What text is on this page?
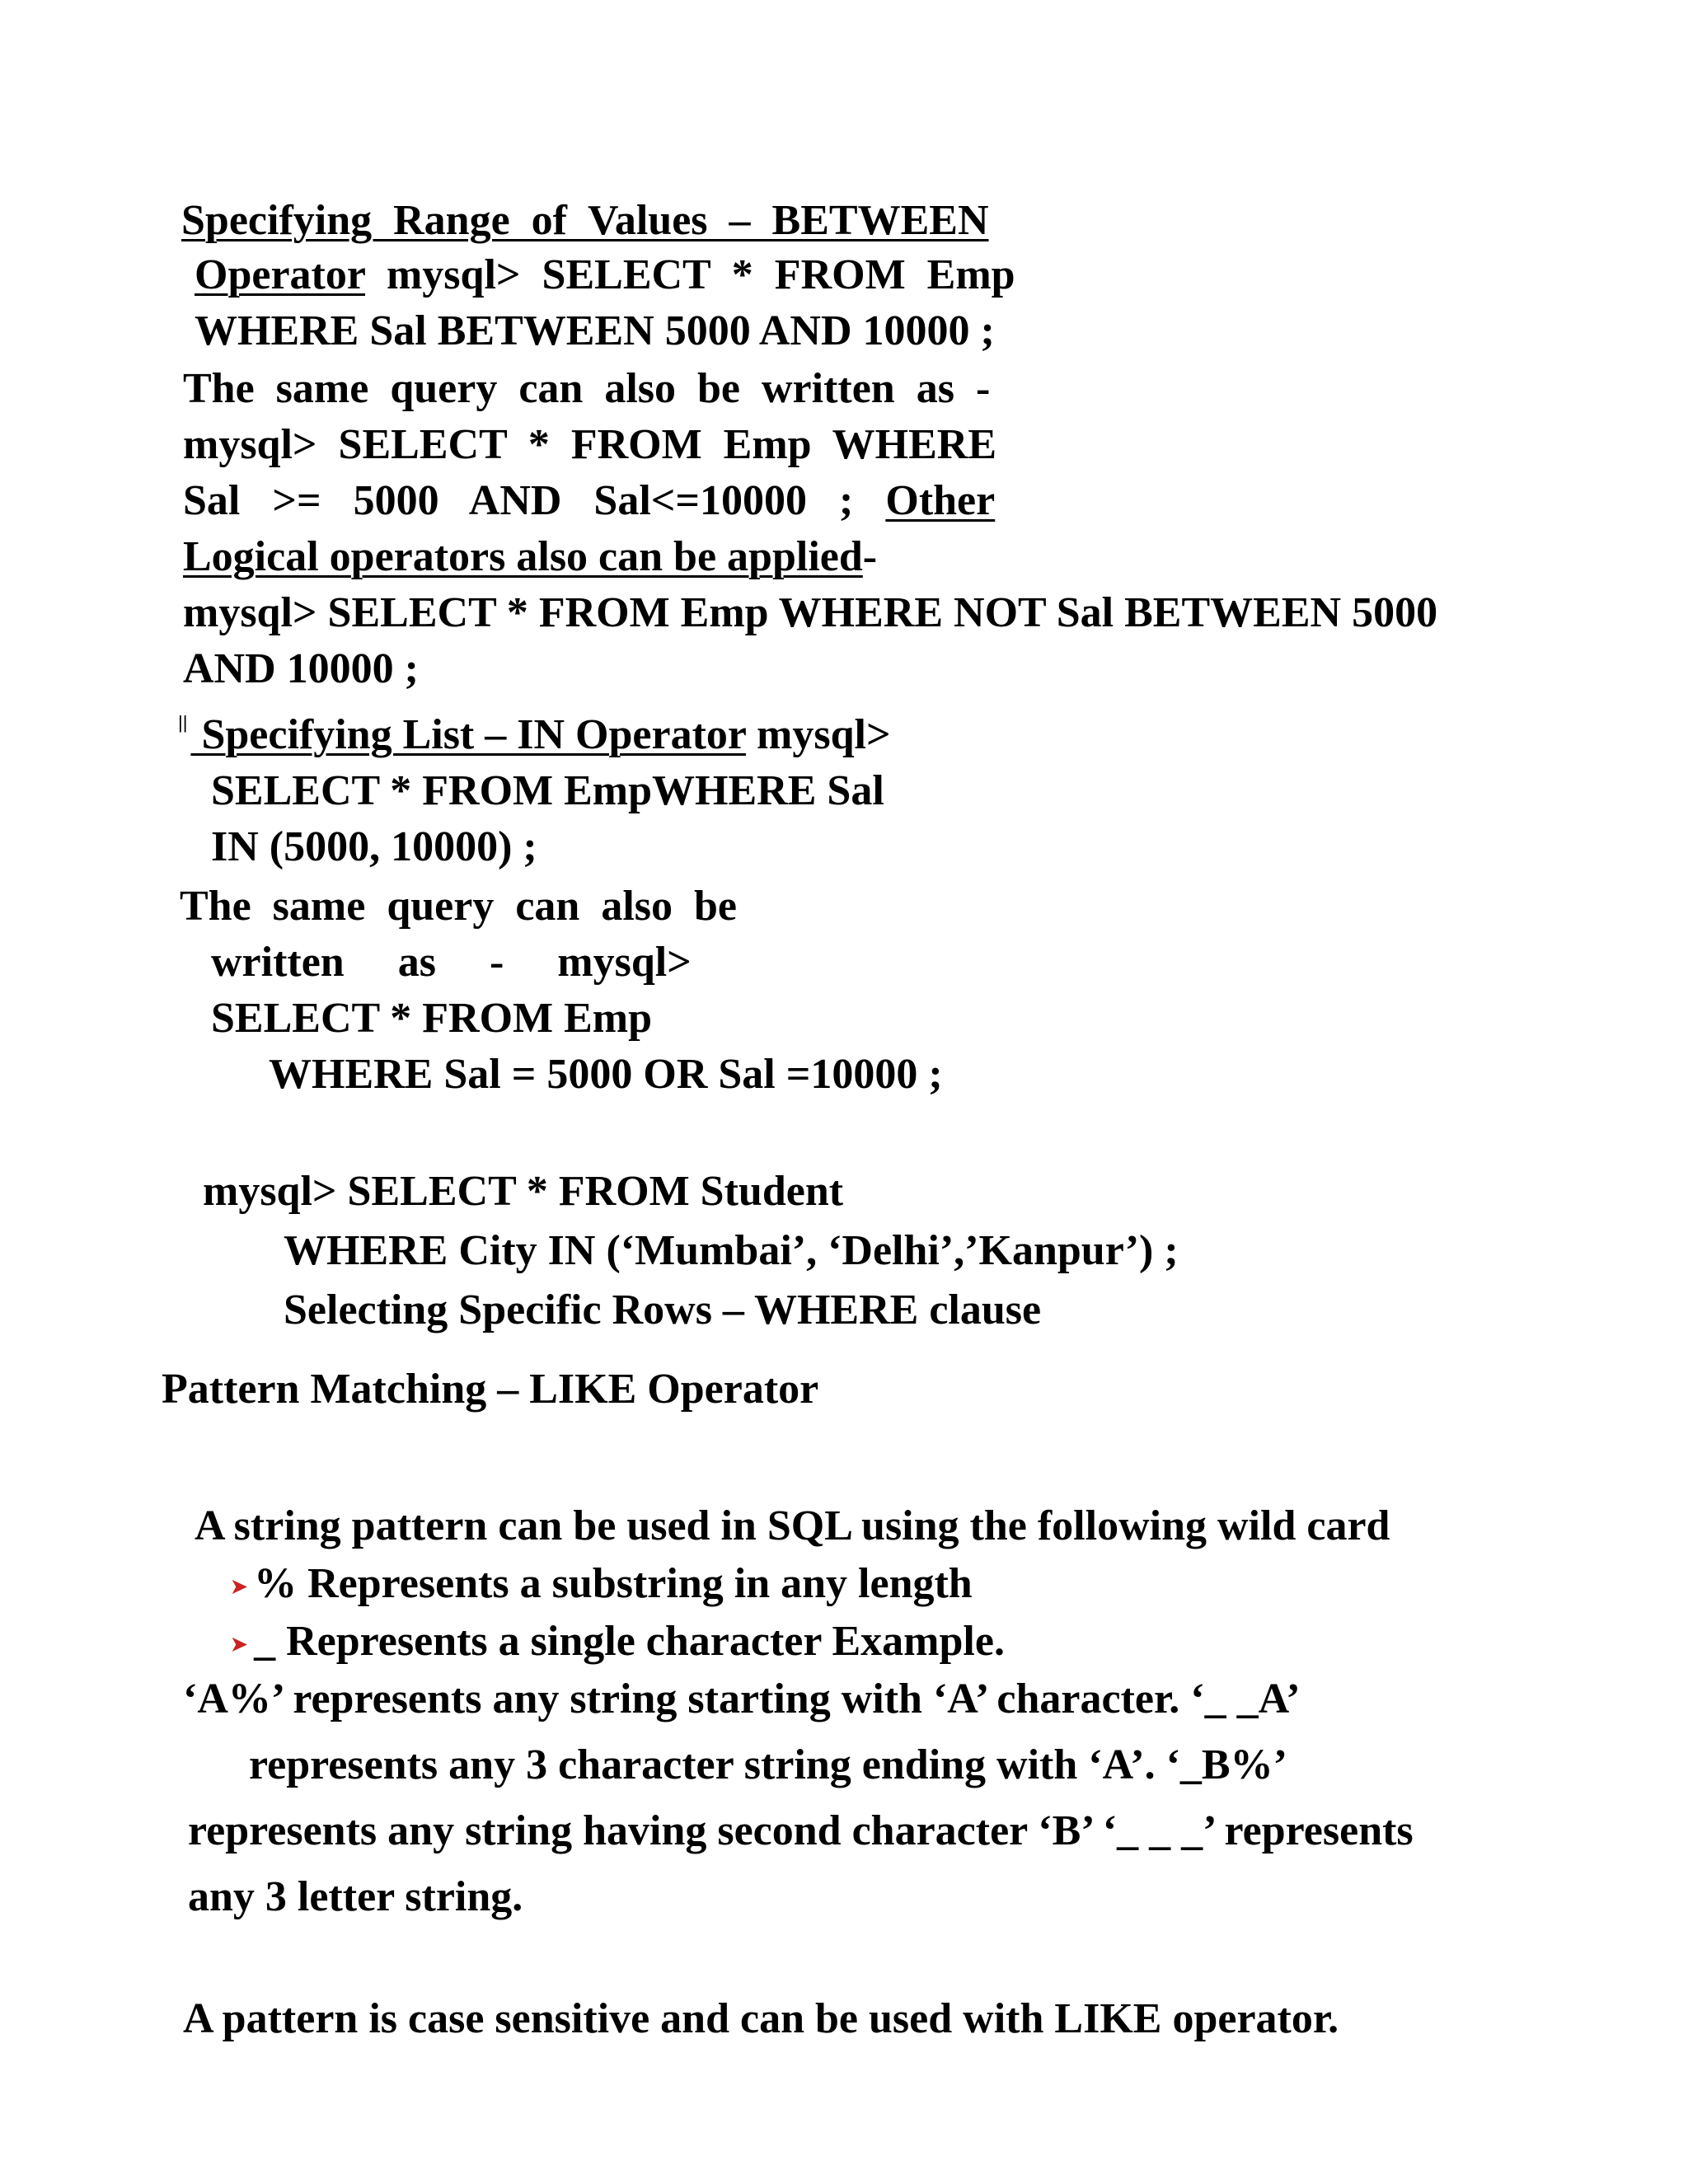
Specifying  Range  of  Values  –  BETWEEN
Operator  mysql>  SELECT  *  FROM  Emp
WHERE Sal BETWEEN 5000 AND 10000 ;
The  same  query  can  also  be  written  as  -
mysql>  SELECT  *  FROM  Emp  WHERE
Sal   >=   5000   AND   Sal<=10000   ;   Other
Logical operators also can be applied-
mysql> SELECT * FROM Emp WHERE NOT Sal BETWEEN 5000
AND 10000 ;
|| Specifying List – IN Operator mysql>
SELECT * FROM EmpWHERE Sal
IN (5000, 10000) ;
The  same  query  can  also  be
written     as     -     mysql>
SELECT * FROM Emp
WHERE Sal = 5000 OR Sal =10000 ;
mysql> SELECT * FROM Student
WHERE City IN (‘Mumbai’, ‘Delhi’,’Kanpur’) ;
Selecting Specific Rows – WHERE clause
Pattern Matching – LIKE Operator
A string pattern can be used in SQL using the following wild card
➤ % Represents a substring in any length
➤ _ Represents a single character Example.
‘A%’ represents any string starting with ‘A’ character. ‘_ _A’
represents any 3 character string ending with ‘A’. ‘_B%’
represents any string having second character ‘B’ ‘_ _ _’ represents
any 3 letter string.
A pattern is case sensitive and can be used with LIKE operator.
